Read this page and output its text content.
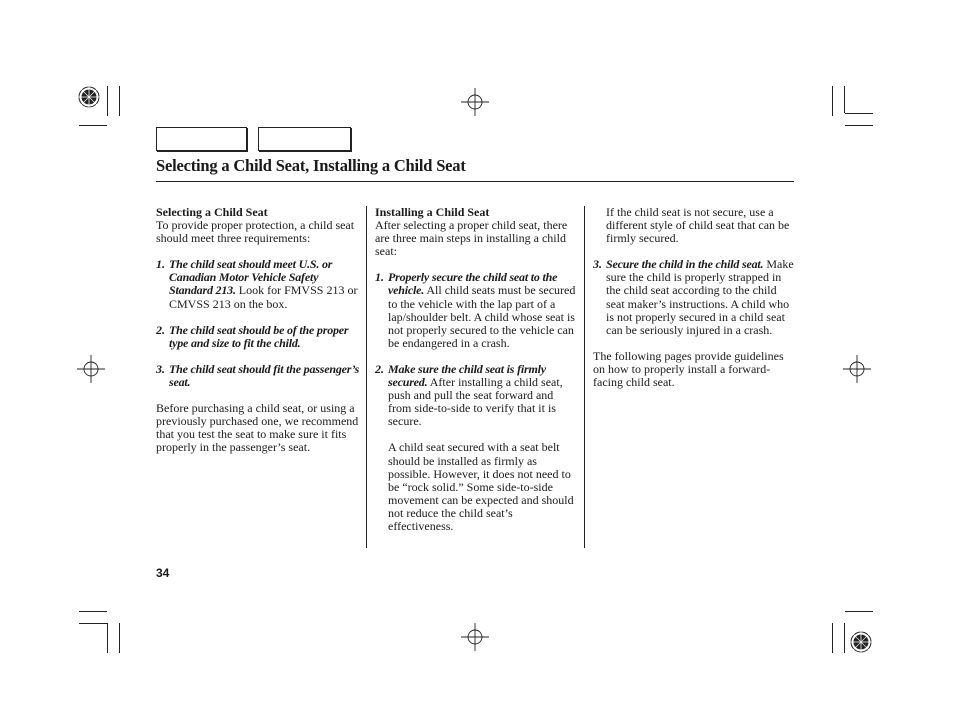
Selecting a Child Seat, Installing a Child Seat

Selecting a Child Seat

To provide proper protection, a child seat should meet three requirements:

1. The child seat should meet U.S. or Canadian Motor Vehicle Safety Standard 213. Look for FMVSS 213 or CMVSS 213 on the box.

2. The child seat should be of the proper type and size to fit the child.

3. The child seat should fit the passenger’s seat.

Before purchasing a child seat, or using a previously purchased one, we recommend that you test the seat to make sure it fits properly in the passenger’s seat.

Installing a Child Seat

After selecting a proper child seat, there are three main steps in installing a child seat:

1. Properly secure the child seat to the vehicle. All child seats must be secured to the vehicle with the lap part of a lap/shoulder belt. A child whose seat is not properly secured to the vehicle can be endangered in a crash.

2. Make sure the child seat is firmly secured. After installing a child seat, push and pull the seat forward and from side-to-side to verify that it is secure.

A child seat secured with a seat belt should be installed as firmly as possible. However, it does not need to be “rock solid.” Some side-to-side movement can be expected and should not reduce the child seat’s effectiveness.

If the child seat is not secure, use a different style of child seat that can be firmly secured.

3. Secure the child in the child seat. Make sure the child is properly strapped in the child seat according to the child seat maker’s instructions. A child who is not properly secured in a child seat can be seriously injured in a crash.

The following pages provide guidelines on how to properly install a forward-facing child seat.

34
